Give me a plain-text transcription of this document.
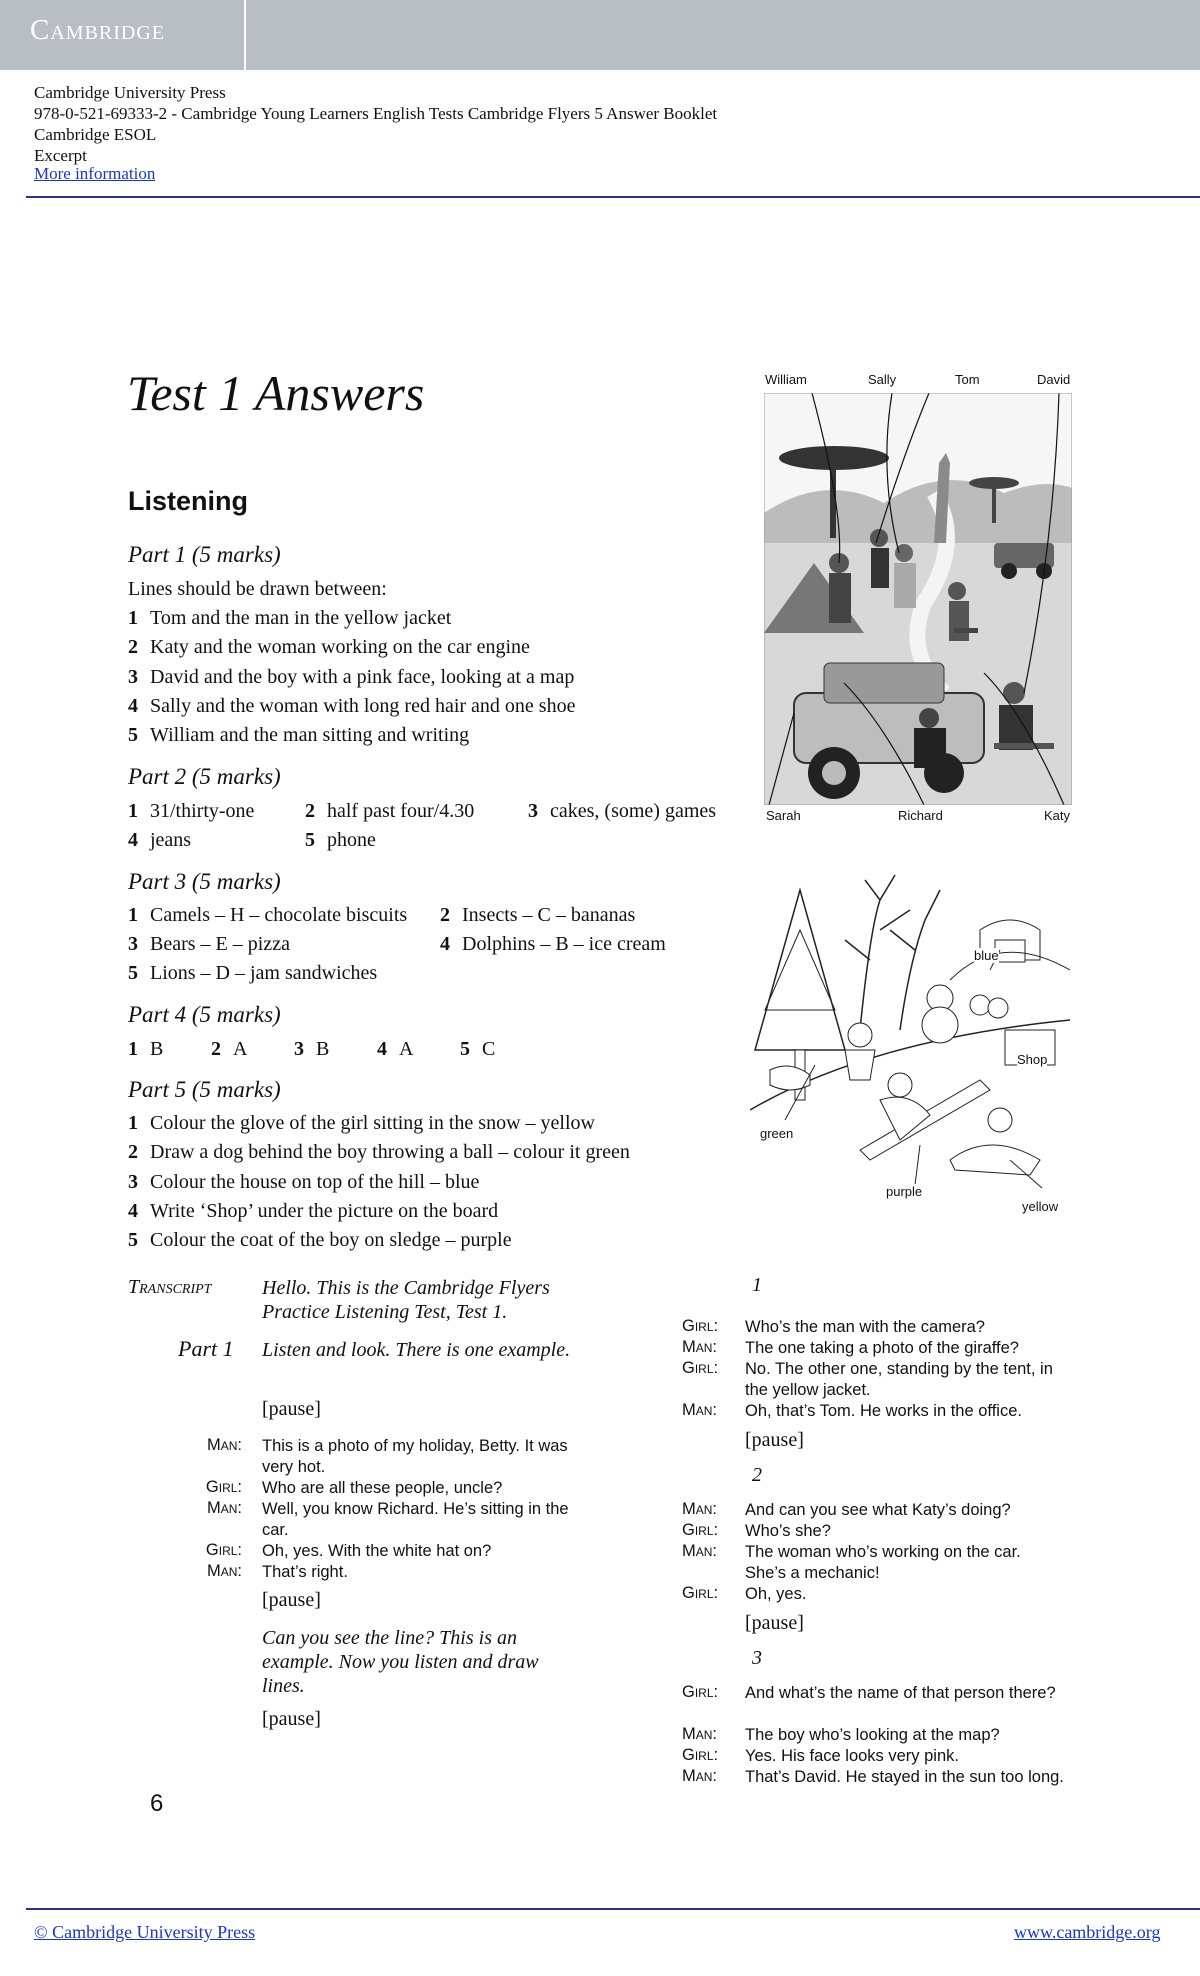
Cambridge
Cambridge University Press
978-0-521-69333-2 - Cambridge Young Learners English Tests Cambridge Flyers 5 Answer Booklet
Cambridge ESOL
Excerpt
More information
Test 1 Answers
Listening
Part 1 (5 marks)
Lines should be drawn between:
1 Tom and the man in the yellow jacket
2 Katy and the woman working on the car engine
3 David and the boy with a pink face, looking at a map
4 Sally and the woman with long red hair and one shoe
5 William and the man sitting and writing
Part 2 (5 marks)
1 31/thirty-one	2 half past four/4.30	3 cakes, (some) games
4 jeans	5 phone
Part 3 (5 marks)
1 Camels – H – chocolate biscuits 2 Insects – C – bananas
3 Bears – E – pizza	4 Dolphins – B – ice cream
5 Lions – D – jam sandwiches
Part 4 (5 marks)
1 B 2 A 3 B 4 A 5 C
Part 5 (5 marks)
1 Colour the glove of the girl sitting in the snow – yellow
2 Draw a dog behind the boy throwing a ball – colour it green
3 Colour the house on top of the hill – blue
4 Write ‘Shop’ under the picture on the board
5 Colour the coat of the boy on sledge – purple
William	Sally	Tom	David
Sarah	Richard	Katy
blue
Shop
green
purple
yellow
Transcript	Hello. This is the Cambridge Flyers Practice Listening Test, Test 1.
Part 1 Listen and look. There is one example.
[pause]
Man: This is a photo of my holiday, Betty. It was very hot.
Girl: Who are all these people, uncle?
Man: Well, you know Richard. He’s sitting in the car.
Girl: Oh, yes. With the white hat on?
Man: That’s right.
[pause]
Can you see the line? This is an example. Now you listen and draw lines.
[pause]
1
Girl: Who’s the man with the camera?
Man: The one taking a photo of the giraffe?
Girl: No. The other one, standing by the tent, in the yellow jacket.
Man: Oh, that’s Tom. He works in the office.
[pause]
2
Man: And can you see what Katy’s doing?
Girl: Who’s she?
Man: The woman who’s working on the car. She’s a mechanic!
Girl: Oh, yes.
[pause]
3
Girl: And what’s the name of that person there?
Man: The boy who’s looking at the map?
Girl: Yes. His face looks very pink.
Man: That’s David. He stayed in the sun too long.
6
© Cambridge University Press	www.cambridge.org
